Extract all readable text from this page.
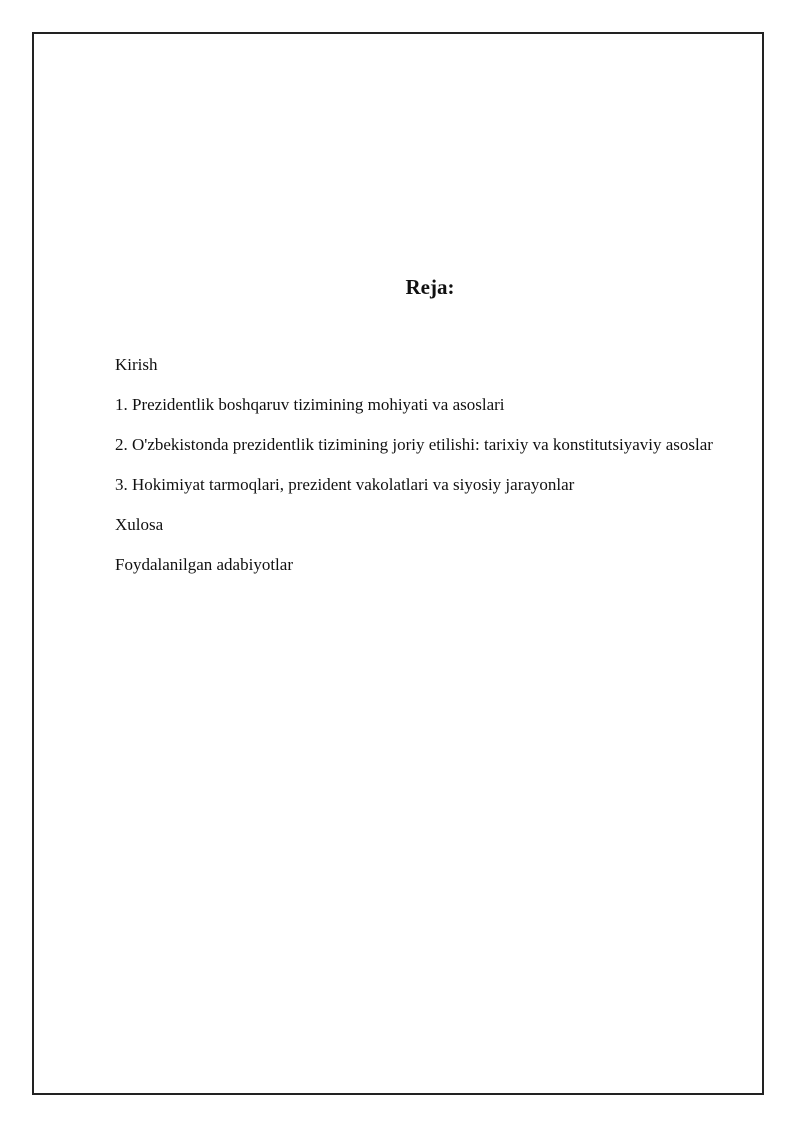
Reja:
Kirish
1. Prezidentlik boshqaruv tizimining mohiyati va asoslari
2. O'zbekistonda prezidentlik tizimining joriy etilishi: tarixiy va konstitutsiyaviy asoslar
3. Hokimiyat tarmoqlari, prezident vakolatlari va siyosiy jarayonlar
Xulosa
Foydalanilgan adabiyotlar
